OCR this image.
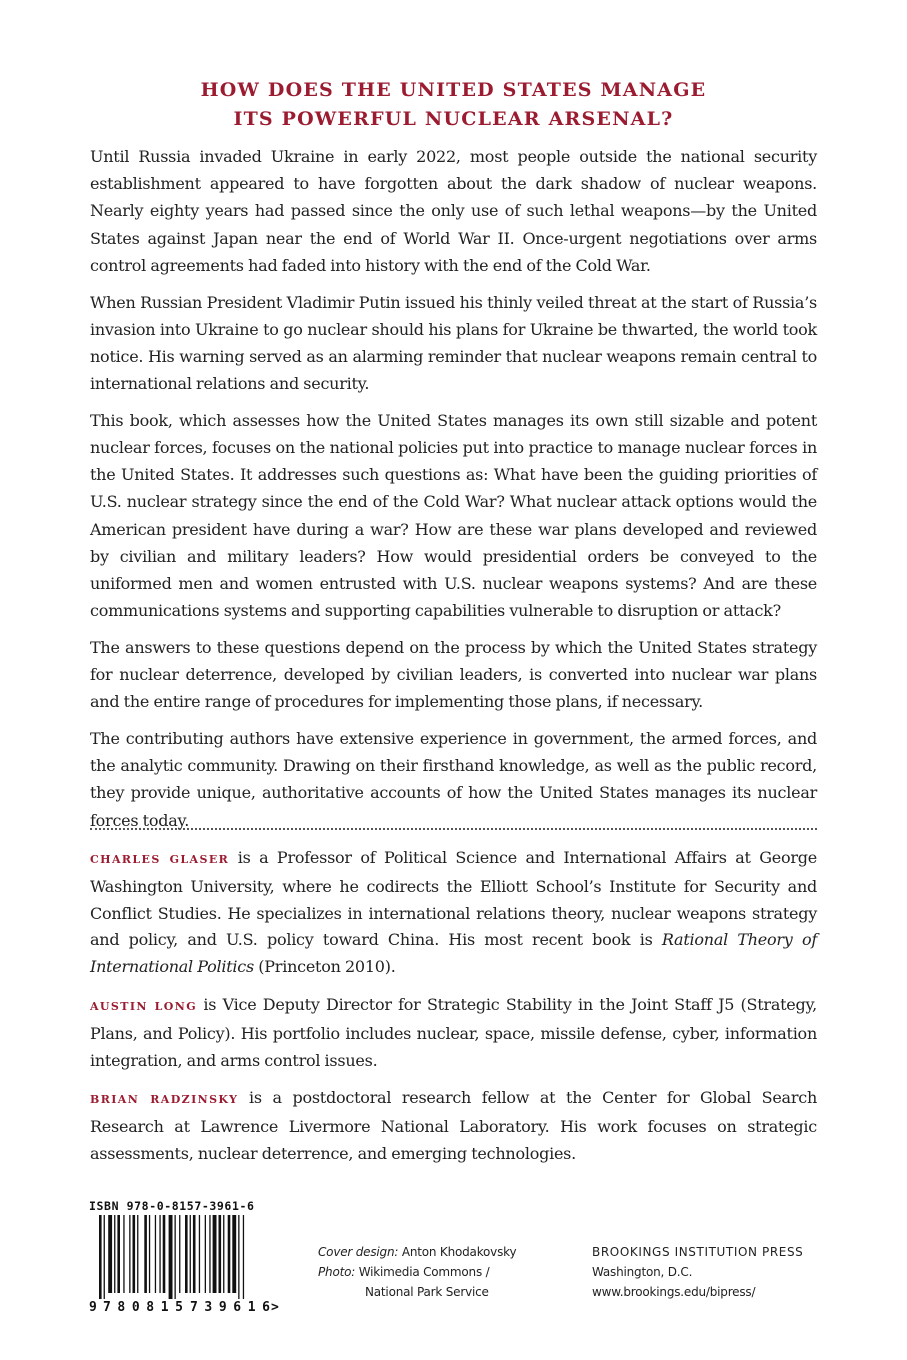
HOW DOES THE UNITED STATES MANAGE
ITS POWERFUL NUCLEAR ARSENAL?

Until Russia invaded Ukraine in early 2022, most people outside the national security establishment appeared to have forgotten about the dark shadow of nuclear weapons. Nearly eighty years had passed since the only use of such lethal weapons—by the United States against Japan near the end of World War II. Once-urgent negotiations over arms control agreements had faded into history with the end of the Cold War.

When Russian President Vladimir Putin issued his thinly veiled threat at the start of Russia’s invasion into Ukraine to go nuclear should his plans for Ukraine be thwarted, the world took notice. His warning served as an alarming reminder that nuclear weapons remain central to international relations and security.

This book, which assesses how the United States manages its own still sizable and potent nuclear forces, focuses on the national policies put into practice to manage nuclear forces in the United States. It addresses such questions as: What have been the guiding priorities of U.S. nuclear strategy since the end of the Cold War? What nuclear attack options would the American president have during a war? How are these war plans developed and reviewed by civilian and military leaders? How would presidential orders be conveyed to the uniformed men and women entrusted with U.S. nuclear weapons systems? And are these communications systems and supporting capabilities vulnerable to disruption or attack?

The answers to these questions depend on the process by which the United States strategy for nuclear deterrence, developed by civilian leaders, is converted into nuclear war plans and the entire range of procedures for implementing those plans, if necessary.

The contributing authors have extensive experience in government, the armed forces, and the analytic community. Drawing on their firsthand knowledge, as well as the public record, they provide unique, authoritative accounts of how the United States manages its nuclear forces today.

CHARLES GLASER is a Professor of Political Science and International Affairs at George Washington University, where he codirects the Elliott School’s Institute for Security and Conflict Studies. He specializes in international relations theory, nuclear weapons strategy and policy, and U.S. policy toward China. His most recent book is Rational Theory of International Politics (Princeton 2010).

AUSTIN LONG is Vice Deputy Director for Strategic Stability in the Joint Staff J5 (Strategy, Plans, and Policy). His portfolio includes nuclear, space, missile defense, cyber, information integration, and arms control issues.

BRIAN RADZINSKY is a postdoctoral research fellow at the Center for Global Search Research at Lawrence Livermore National Laboratory. His work focuses on strategic assessments, nuclear deterrence, and emerging technologies.

ISBN 978-0-8157-3961-6
9 780815 739616 >
Cover design: Anton Khodakovsky
Photo: Wikimedia Commons /
National Park Service
BROOKINGS INSTITUTION PRESS
Washington, D.C.
www.brookings.edu/bipress/
